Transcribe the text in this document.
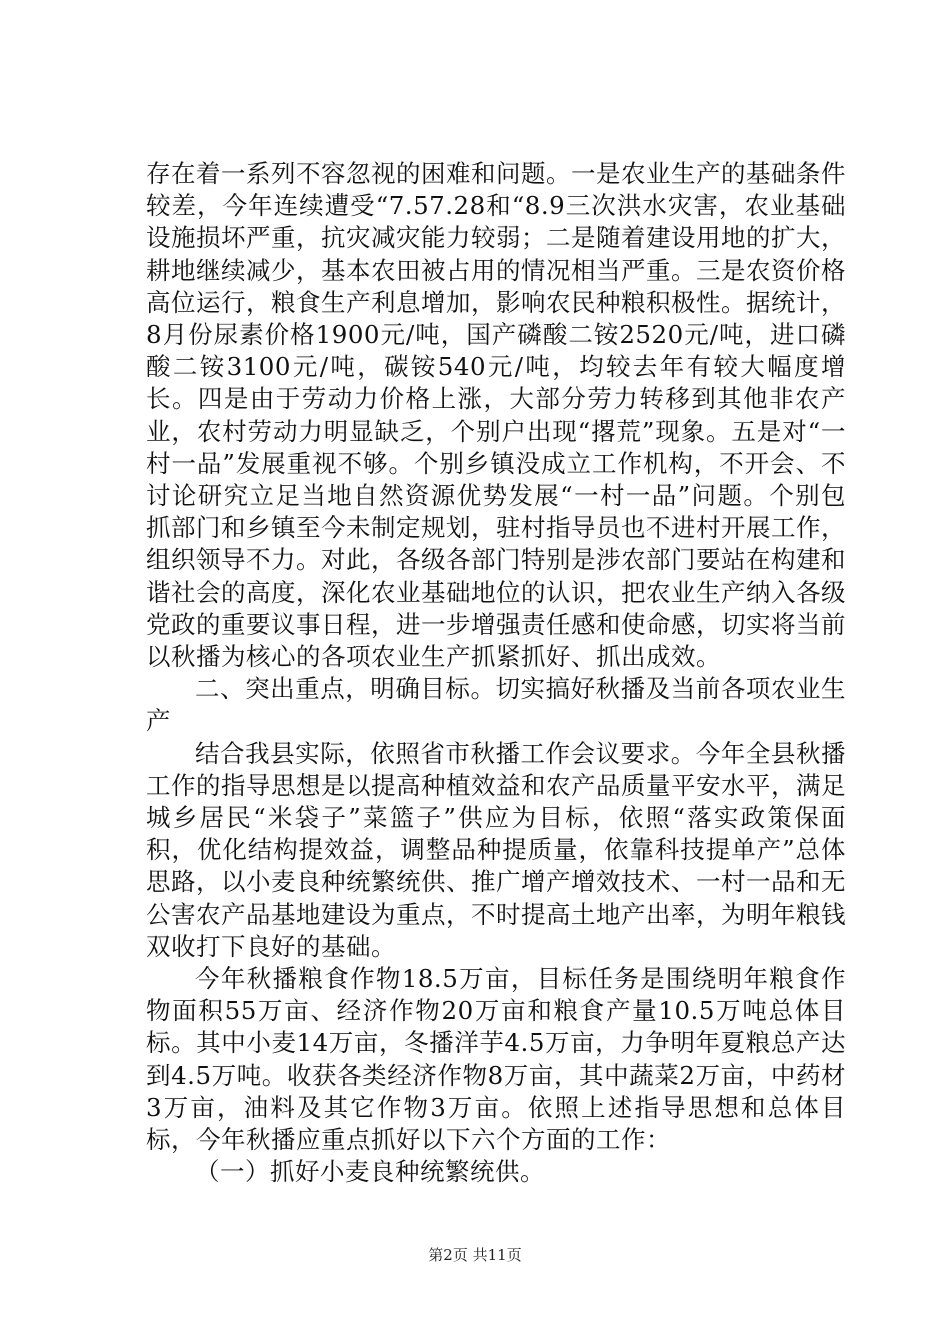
存在着一系列不容忽视的困难和问题。一是农业生产的基础条件较差，今年连续遭受“7.57.28和“8.9三次洪水灾害，农业基础设施损坏严重，抗灾减灾能力较弱；二是随着建设用地的扩大，耕地继续减少，基本农田被占用的情况相当严重。三是农资价格高位运行，粮食生产利息增加，影响农民种粮积极性。据统计，8月份尿素价格1900元/吨，国产磷酸二铵2520元/吨，进口磷酸二铵3100元/吨，碳铵540元/吨，均较去年有较大幅度增长。四是由于劳动力价格上涨，大部分劳力转移到其他非农产业，农村劳动力明显缺乏，个别户出现“撂荒”现象。五是对“一村一品”发展重视不够。个别乡镇没成立工作机构，不开会、不讨论研究立足当地自然资源优势发展“一村一品”问题。个别包抓部门和乡镇至今未制定规划，驻村指导员也不进村开展工作，组织领导不力。对此，各级各部门特别是涉农部门要站在构建和谐社会的高度，深化农业基础地位的认识，把农业生产纳入各级党政的重要议事日程，进一步增强责任感和使命感，切实将当前以秋播为核心的各项农业生产抓紧抓好、抓出成效。

二、突出重点，明确目标。切实搞好秋播及当前各项农业生产

结合我县实际，依照省市秋播工作会议要求。今年全县秋播工作的指导思想是以提高种植效益和农产品质量平安水平，满足城乡居民“米袋子”菜篮子”供应为目标，依照“落实政策保面积，优化结构提效益，调整品种提质量，依靠科技提单产”总体思路，以小麦良种统繁统供、推广增产增效技术、一村一品和无公害农产品基地建设为重点，不时提高土地产出率，为明年粮钱双收打下良好的基础。

今年秋播粮食作物18.5万亩，目标任务是围绕明年粮食作物面积55万亩、经济作物20万亩和粮食产量10.5万吨总体目标。其中小麦14万亩，冬播洋芋4.5万亩，力争明年夏粮总产达到4.5万吨。收获各类经济作物8万亩，其中蔬菜2万亩，中药材3万亩，油料及其它作物3万亩。依照上述指导思想和总体目标，今年秋播应重点抓好以下六个方面的工作：

（一）抓好小麦良种统繁统供。

第2页 共11页
